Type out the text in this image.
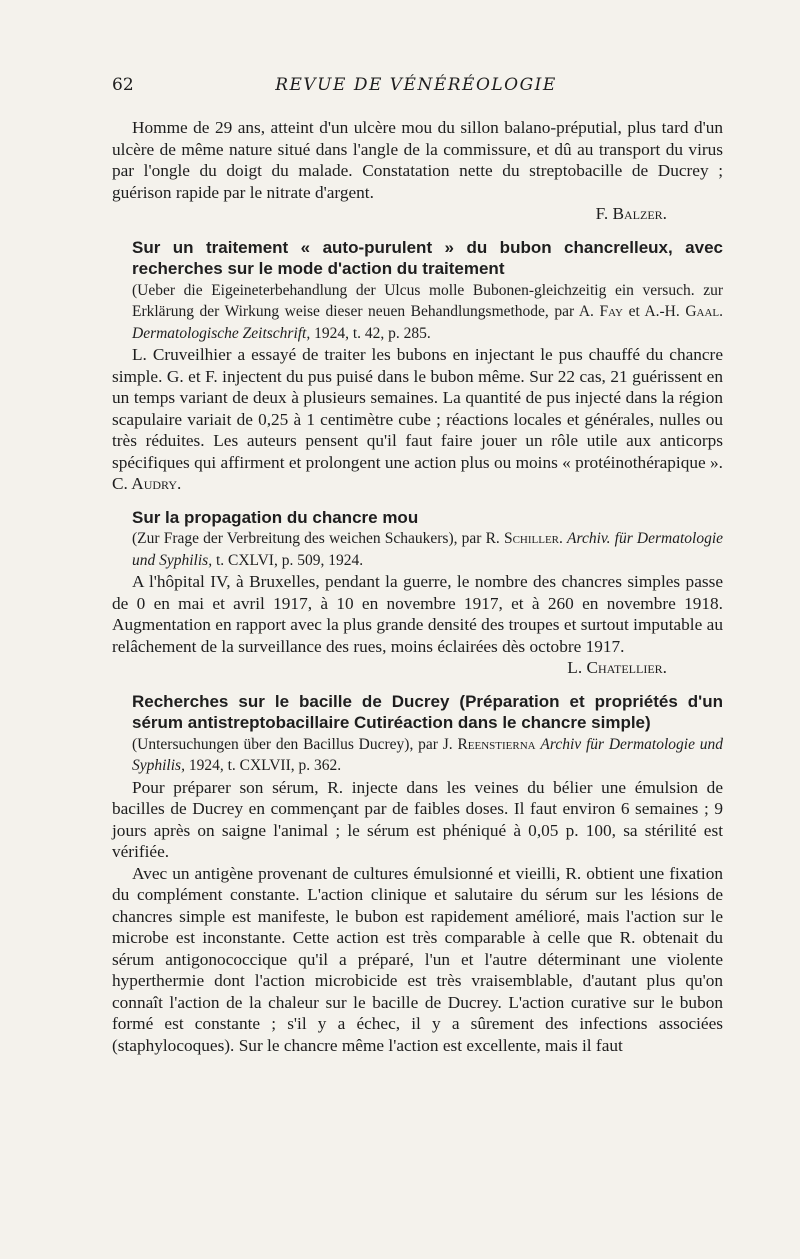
62	REVUE DE VÉNÉRÉOLOGIE

Homme de 29 ans, atteint d'un ulcère mou du sillon balano-préputial, plus tard d'un ulcère de même nature situé dans l'angle de la commissure, et dû au transport du virus par l'ongle du doigt du malade. Constatation nette du streptobacille de Ducrey ; guérison rapide par le nitrate d'argent.

F. Balzer.

Sur un traitement « auto-purulent » du bubon chancrelleux, avec recherches sur le mode d'action du traitement
(Ueber die Eigeineterbehandlung der Ulcus molle Bubonen-gleichzeitig ein versuch. zur Erklärung der Wirkung weise dieser neuen Behandlungsmethode, par A. Fay et A.-H. Gaal. Dermatologische Zeitschrift, 1924, t. 42, p. 285.

L. Cruveilhier a essayé de traiter les bubons en injectant le pus chauffé du chancre simple. G. et F. injectent du pus puisé dans le bubon même. Sur 22 cas, 21 guérissent en un temps variant de deux à plusieurs semaines. La quantité de pus injecté dans la région scapulaire variait de 0,25 à 1 centimètre cube ; réactions locales et générales, nulles ou très réduites. Les auteurs pensent qu'il faut faire jouer un rôle utile aux anticorps spécifiques qui affirment et prolongent une action plus ou moins « protéinothérapique ». C. Audry.

Sur la propagation du chancre mou
(Zur Frage der Verbreitung des weichen Schaukers), par R. Schiller. Archiv. für Dermatologie und Syphilis, t. CXLVI, p. 509, 1924.

A l'hôpital IV, à Bruxelles, pendant la guerre, le nombre des chancres simples passe de 0 en mai et avril 1917, à 10 en novembre 1917, et à 260 en novembre 1918. Augmentation en rapport avec la plus grande densité des troupes et surtout imputable au relâchement de la surveillance des rues, moins éclairées dès octobre 1917.

L. Chatellier.

Recherches sur le bacille de Ducrey (Préparation et propriétés d'un sérum antistreptobacillaire Cutiréaction dans le chancre simple)
(Untersuchungen über den Bacillus Ducrey), par J. Reenstierna Archiv für Dermatologie und Syphilis, 1924, t. CXLVII, p. 362.

Pour préparer son sérum, R. injecte dans les veines du bélier une émulsion de bacilles de Ducrey en commençant par de faibles doses. Il faut environ 6 semaines ; 9 jours après on saigne l'animal ; le sérum est phéniqué à 0,05 p. 100, sa stérilité est vérifiée.

Avec un antigène provenant de cultures émulsionné et vieilli, R. obtient une fixation du complément constante. L'action clinique et salutaire du sérum sur les lésions de chancres simple est manifeste, le bubon est rapidement amélioré, mais l'action sur le microbe est inconstante. Cette action est très comparable à celle que R. obtenait du sérum antigonococcique qu'il a préparé, l'un et l'autre déterminant une violente hyperthermie dont l'action microbicide est très vraisemblable, d'autant plus qu'on connaît l'action de la chaleur sur le bacille de Ducrey. L'action curative sur le bubon formé est constante ; s'il y a échec, il y a sûrement des infections associées (staphylocoques). Sur le chancre même l'action est excellente, mais il faut
